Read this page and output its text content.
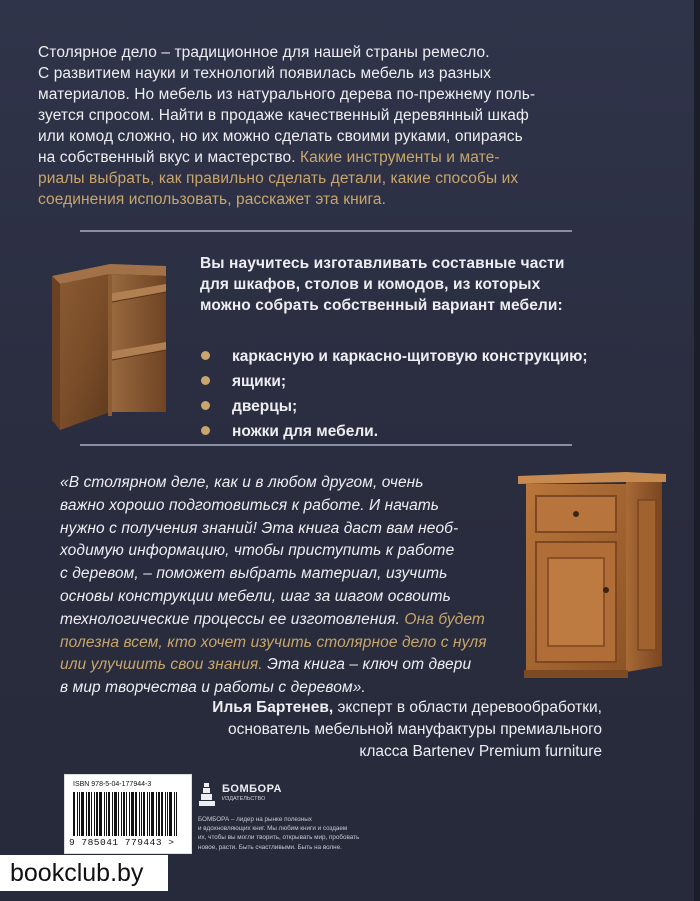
Столярное дело – традиционное для нашей страны ремесло.
С развитием науки и технологий появилась мебель из разных
материалов. Но мебель из натурального дерева по-прежнему поль-
зуется спросом. Найти в продаже качественный деревянный шкаф
или комод сложно, но их можно сделать своими руками, опираясь
на собственный вкус и мастерство. Какие инструменты и мате-
риалы выбрать, как правильно сделать детали, какие способы их
соединения использовать, расскажет эта книга.
Вы научитесь изготавливать составные части
для шкафов, столов и комодов, из которых
можно собрать собственный вариант мебели:
каркасную и каркасно-щитовую конструкцию;
ящики;
дверцы;
ножки для мебели.
«В столярном деле, как и в любом другом, очень
важно хорошо подготовиться к работе. И начать
нужно с получения знаний! Эта книга даст вам необ-
ходимую информацию, чтобы приступить к работе
с деревом, – поможет выбрать материал, изучить
основы конструкции мебели, шаг за шагом освоить
технологические процессы ее изготовления. Она будет
полезна всем, кто хочет изучить столярное дело с нуля
или улучшить свои знания. Эта книга – ключ от двери
в мир творчества и работы с деревом».
Илья Бартенев, эксперт в области деревообработки,
основатель мебельной мануфактуры премиального
класса Bartenev Premium furniture
ISBN 978-5-04-177944-3
9 785041 779443 >
БОМБОРА
ИЗДАТЕЛЬСТВО
БОМБОРА – лидер на рынке полезных
и вдохновляющих книг. Мы любим книги и создаем
их, чтобы вы могли творить, открывать мир, пробовать
новое, расти. Быть счастливыми. Быть на волне.
bookclub.by
